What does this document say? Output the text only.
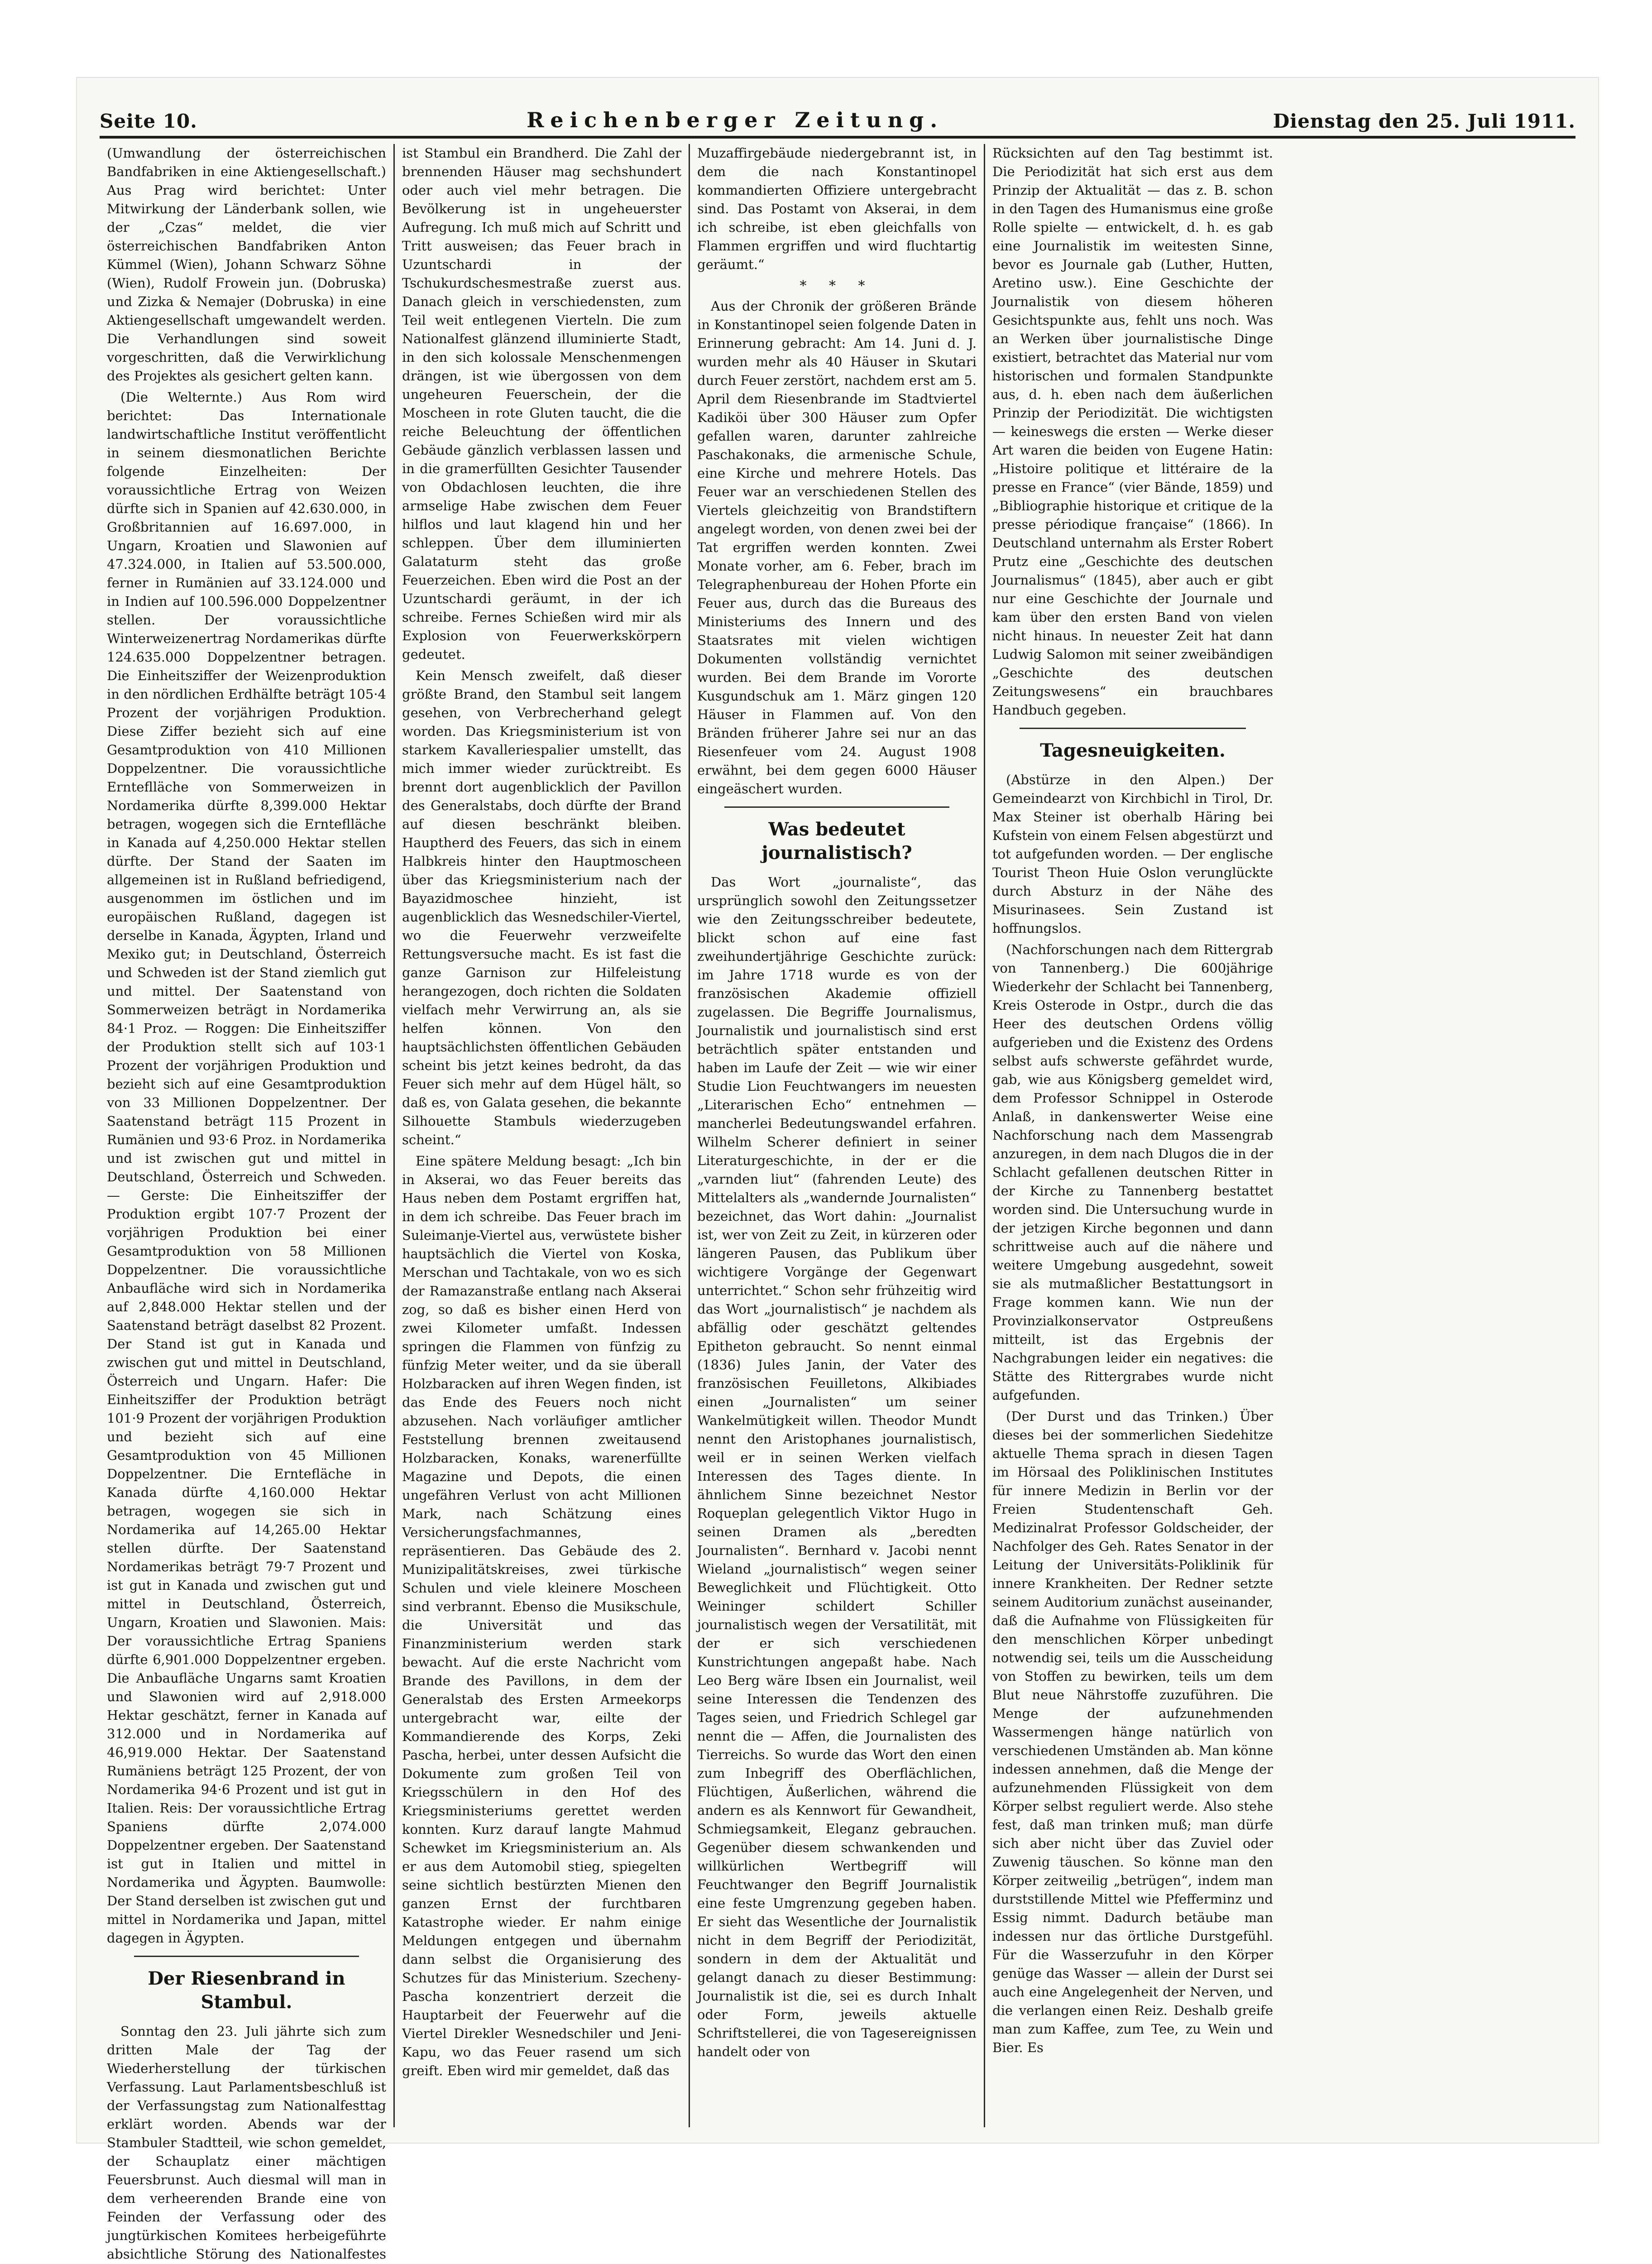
Seite 10.	Reichenberger Zeitung.	Dienstag den 25. Juli 1911.

(Umwandlung der österreichischen Bandfabriken in eine Aktiengesellschaft.) Aus Prag wird berichtet: Unter Mitwirkung der Länderbank sollen, wie der „Czas“ meldet, die vier österreichischen Bandfabriken Anton Kümmel (Wien), Johann Schwarz Söhne (Wien), Rudolf Frowein jun. (Dobruska) und Zizka & Nemajer (Dobruska) in eine Aktiengesellschaft umgewandelt werden. Die Verhandlungen sind soweit vorgeschritten, daß die Verwirklichung des Projektes als gesichert gelten kann.

(Die Welternte.) Aus Rom wird berichtet: Das Internationale landwirtschaftliche Institut veröffentlicht in seinem diesmonatlichen Berichte folgende Einzelheiten: Der voraussichtliche Ertrag von Weizen dürfte sich in Spanien auf 42.630.000, in Großbritannien auf 16.697.000, in Ungarn, Kroatien und Slawonien auf 47.324.000, in Italien auf 53.500.000, ferner in Rumänien auf 33.124.000 und in Indien auf 100.596.000 Doppelzentner stellen. Der voraussichtliche Winterweizenertrag Nordamerikas dürfte 124.635.000 Doppelzentner betragen. Die Einheitsziffer der Weizenproduktion in den nördlichen Erdhälfte beträgt 105·4 Prozent der vorjährigen Produktion. Diese Ziffer bezieht sich auf eine Gesamtproduktion von 410 Millionen Doppelzentner. Die voraussichtliche Ernteflläche von Sommerweizen in Nordamerika dürfte 8,399.000 Hektar betragen, wogegen sich die Ernteflläche in Kanada auf 4,250.000 Hektar stellen dürfte. Der Stand der Saaten im allgemeinen ist in Rußland befriedigend, ausgenommen im östlichen und im europäischen Rußland, dagegen ist derselbe in Kanada, Ägypten, Irland und Mexiko gut; in Deutschland, Österreich und Schweden ist der Stand ziemlich gut und mittel. Der Saatenstand von Sommerweizen beträgt in Nordamerika 84·1 Proz. — Roggen: Die Einheitsziffer der Produktion stellt sich auf 103·1 Prozent der vorjährigen Produktion und bezieht sich auf eine Gesamtproduktion von 33 Millionen Doppelzentner. Der Saatenstand beträgt 115 Prozent in Rumänien und 93·6 Proz. in Nordamerika und ist zwischen gut und mittel in Deutschland, Österreich und Schweden. — Gerste: Die Einheitsziffer der Produktion ergibt 107·7 Prozent der vorjährigen Produktion bei einer Gesamtproduktion von 58 Millionen Doppelzentner. Die voraussichtliche Anbaufläche wird sich in Nordamerika auf 2,848.000 Hektar stellen und der Saatenstand beträgt daselbst 82 Prozent. Der Stand ist gut in Kanada und zwischen gut und mittel in Deutschland, Österreich und Ungarn. Hafer: Die Einheitsziffer der Produktion beträgt 101·9 Prozent der vorjährigen Produktion und bezieht sich auf eine Gesamtproduktion von 45 Millionen Doppelzentner. Die Erntefläche in Kanada dürfte 4,160.000 Hektar betragen, wogegen sie sich in Nordamerika auf 14,265.00 Hektar stellen dürfte. Der Saatenstand Nordamerikas beträgt 79·7 Prozent und ist gut in Kanada und zwischen gut und mittel in Deutschland, Österreich, Ungarn, Kroatien und Slawonien. Mais: Der voraussichtliche Ertrag Spaniens dürfte 6,901.000 Doppelzentner ergeben. Die Anbaufläche Ungarns samt Kroatien und Slawonien wird auf 2,918.000 Hektar geschätzt, ferner in Kanada auf 312.000 und in Nordamerika auf 46,919.000 Hektar. Der Saatenstand Rumäniens beträgt 125 Prozent, der von Nordamerika 94·6 Prozent und ist gut in Italien. Reis: Der voraussichtliche Ertrag Spaniens dürfte 2,074.000 Doppelzentner ergeben. Der Saatenstand ist gut in Italien und mittel in Nordamerika und Ägypten. Baumwolle: Der Stand derselben ist zwischen gut und mittel in Nordamerika und Japan, mittel dagegen in Ägypten.

Der Riesenbrand in Stambul.

Sonntag den 23. Juli jährte sich zum dritten Male der Tag der Wiederherstellung der türkischen Verfassung. Laut Parlamentsbeschluß ist der Verfassungstag zum Nationalfesttag erklärt worden. Abends war der Stambuler Stadtteil, wie schon gemeldet, der Schauplatz einer mächtigen Feuersbrunst. Auch diesmal will man in dem verheerenden Brande eine von Feinden der Verfassung oder des jungtürkischen Komitees herbeigeführte absichtliche Störung des Nationalfestes

ist Stambul ein Brandherd. Die Zahl der brennenden Häuser mag sechshundert oder auch viel mehr betragen. Die Bevölkerung ist in ungeheuerster Aufregung. Ich muß mich auf Schritt und Tritt ausweisen; das Feuer brach in Uzuntschardi in der Tschukurdschesmestraße zuerst aus. Danach gleich in verschiedensten, zum Teil weit entlegenen Vierteln. Die zum Nationalfest glänzend illuminierte Stadt, in den sich kolossale Menschenmengen drängen, ist wie übergossen von dem ungeheuren Feuerschein, der die Moscheen in rote Gluten taucht, die die reiche Beleuchtung der öffentlichen Gebäude gänzlich verblassen lassen und in die gramerfüllten Gesichter Tausender von Obdachlosen leuchten, die ihre armselige Habe zwischen dem Feuer hilflos und laut klagend hin und her schleppen. Über dem illuminierten Galataturm steht das große Feuerzeichen. Eben wird die Post an der Uzuntschardi geräumt, in der ich schreibe. Fernes Schießen wird mir als Explosion von Feuerwerkskörpern gedeutet.

Kein Mensch zweifelt, daß dieser größte Brand, den Stambul seit langem gesehen, von Verbrecherhand gelegt worden. Das Kriegsministerium ist von starkem Kavalleriespalier umstellt, das mich immer wieder zurücktreibt. Es brennt dort augenblicklich der Pavillon des Generalstabs, doch dürfte der Brand auf diesen beschränkt bleiben. Hauptherd des Feuers, das sich in einem Halbkreis hinter den Hauptmoscheen über das Kriegsministerium nach der Bayazidmoschee hinzieht, ist augenblicklich das Wesnedschiler-Viertel, wo die Feuerwehr verzweifelte Rettungsversuche macht. Es ist fast die ganze Garnison zur Hilfeleistung herangezogen, doch richten die Soldaten vielfach mehr Verwirrung an, als sie helfen können. Von den hauptsächlichsten öffentlichen Gebäuden scheint bis jetzt keines bedroht, da das Feuer sich mehr auf dem Hügel hält, so daß es, von Galata gesehen, die bekannte Silhouette Stambuls wiederzugeben scheint.“

Eine spätere Meldung besagt: „Ich bin in Akserai, wo das Feuer bereits das Haus neben dem Postamt ergriffen hat, in dem ich schreibe. Das Feuer brach im Suleimanje-Viertel aus, verwüstete bisher hauptsächlich die Viertel von Koska, Merschan und Tachtakale, von wo es sich der Ramazanstraße entlang nach Akserai zog, so daß es bisher einen Herd von zwei Kilometer umfaßt. Indessen springen die Flammen von fünfzig zu fünfzig Meter weiter, und da sie überall Holzbaracken auf ihren Wegen finden, ist das Ende des Feuers noch nicht abzusehen. Nach vorläufiger amtlicher Feststellung brennen zweitausend Holzbaracken, Konaks, warenerfüllte Magazine und Depots, die einen ungefähren Verlust von acht Millionen Mark, nach Schätzung eines Versicherungsfachmannes, repräsentieren. Das Gebäude des 2. Munizipalitätskreises, zwei türkische Schulen und viele kleinere Moscheen sind verbrannt. Ebenso die Musikschule, die Universität und das Finanzministerium werden stark bewacht. Auf die erste Nachricht vom Brande des Pavillons, in dem der Generalstab des Ersten Armeekorps untergebracht war, eilte der Kommandierende des Korps, Zeki Pascha, herbei, unter dessen Aufsicht die Dokumente zum großen Teil von Kriegsschülern in den Hof des Kriegsministeriums gerettet werden konnten. Kurz darauf langte Mahmud Schewket im Kriegsministerium an. Als er aus dem Automobil stieg, spiegelten seine sichtlich bestürzten Mienen den ganzen Ernst der furchtbaren Katastrophe wieder. Er nahm einige Meldungen entgegen und übernahm dann selbst die Organisierung des Schutzes für das Ministerium. Szecheny-Pascha konzentriert derzeit die Hauptarbeit der Feuerwehr auf die Viertel Direkler Wesnedschiler und Jeni-Kapu, wo das Feuer rasend um sich greift. Eben wird mir gemeldet, daß das

Muzaffirgebäude niedergebrannt ist, in dem die nach Konstantinopel kommandierten Offiziere untergebracht sind. Das Postamt von Akserai, in dem ich schreibe, ist eben gleichfalls von Flammen ergriffen und wird fluchtartig geräumt.“

* * *

Aus der Chronik der größeren Brände in Konstantinopel seien folgende Daten in Erinnerung gebracht: Am 14. Juni d. J. wurden mehr als 40 Häuser in Skutari durch Feuer zerstört, nachdem erst am 5. April dem Riesenbrande im Stadtviertel Kadiköi über 300 Häuser zum Opfer gefallen waren, darunter zahlreiche Paschakonaks, die armenische Schule, eine Kirche und mehrere Hotels. Das Feuer war an verschiedenen Stellen des Viertels gleichzeitig von Brandstiftern angelegt worden, von denen zwei bei der Tat ergriffen werden konnten. Zwei Monate vorher, am 6. Feber, brach im Telegraphenbureau der Hohen Pforte ein Feuer aus, durch das die Bureaus des Ministeriums des Innern und des Staatsrates mit vielen wichtigen Dokumenten vollständig vernichtet wurden. Bei dem Brande im Vororte Kusgundschuk am 1. März gingen 120 Häuser in Flammen auf. Von den Bränden früherer Jahre sei nur an das Riesenfeuer vom 24. August 1908 erwähnt, bei dem gegen 6000 Häuser eingeäschert wurden.

Was bedeutet journalistisch?

Das Wort „journaliste“, das ursprünglich sowohl den Zeitungssetzer wie den Zeitungsschreiber bedeutete, blickt schon auf eine fast zweihundertjährige Geschichte zurück: im Jahre 1718 wurde es von der französischen Akademie offiziell zugelassen. Die Begriffe Journalismus, Journalistik und journalistisch sind erst beträchtlich später entstanden und haben im Laufe der Zeit — wie wir einer Studie Lion Feuchtwangers im neuesten „Literarischen Echo“ entnehmen — mancherlei Bedeutungswandel erfahren. Wilhelm Scherer definiert in seiner Literaturgeschichte, in der er die „varnden liut“ (fahrenden Leute) des Mittelalters als „wandernde Journalisten“ bezeichnet, das Wort dahin: „Journalist ist, wer von Zeit zu Zeit, in kürzeren oder längeren Pausen, das Publikum über wichtigere Vorgänge der Gegenwart unterrichtet.“ Schon sehr frühzeitig wird das Wort „journalistisch“ je nachdem als abfällig oder geschätzt geltendes Epitheton gebraucht. So nennt einmal (1836) Jules Janin, der Vater des französischen Feuilletons, Alkibiades einen „Journalisten“ um seiner Wankelmütigkeit willen. Theodor Mundt nennt den Aristophanes journalistisch, weil er in seinen Werken vielfach Interessen des Tages diente. In ähnlichem Sinne bezeichnet Nestor Roqueplan gelegentlich Viktor Hugo in seinen Dramen als „beredten Journalisten“. Bernhard v. Jacobi nennt Wieland „journalistisch“ wegen seiner Beweglichkeit und Flüchtigkeit. Otto Weininger schildert Schiller journalistisch wegen der Versatilität, mit der er sich verschiedenen Kunstrichtungen angepaßt habe. Nach Leo Berg wäre Ibsen ein Journalist, weil seine Interessen die Tendenzen des Tages seien, und Friedrich Schlegel gar nennt die — Affen, die Journalisten des Tierreichs. So wurde das Wort den einen zum Inbegriff des Oberflächlichen, Flüchtigen, Äußerlichen, während die andern es als Kennwort für Gewandheit, Schmiegsamkeit, Eleganz gebrauchen. Gegenüber diesem schwankenden und willkürlichen Wertbegriff will Feuchtwanger den Begriff Journalistik eine feste Umgrenzung gegeben haben. Er sieht das Wesentliche der Journalistik nicht in dem Begriff der Periodizität, sondern in dem der Aktualität und gelangt danach zu dieser Bestimmung: Journalistik ist die, sei es durch Inhalt oder Form, jeweils aktuelle Schriftstellerei, die von Tagesereignissen handelt oder von

Rücksichten auf den Tag bestimmt ist. Die Periodizität hat sich erst aus dem Prinzip der Aktualität — das z. B. schon in den Tagen des Humanismus eine große Rolle spielte — entwickelt, d. h. es gab eine Journalistik im weitesten Sinne, bevor es Journale gab (Luther, Hutten, Aretino usw.). Eine Geschichte der Journalistik von diesem höheren Gesichtspunkte aus, fehlt uns noch. Was an Werken über journalistische Dinge existiert, betrachtet das Material nur vom historischen und formalen Standpunkte aus, d. h. eben nach dem äußerlichen Prinzip der Periodizität. Die wichtigsten — keineswegs die ersten — Werke dieser Art waren die beiden von Eugene Hatin: „Histoire politique et littéraire de la presse en France“ (vier Bände, 1859) und „Bibliographie historique et critique de la presse périodique française“ (1866). In Deutschland unternahm als Erster Robert Prutz eine „Geschichte des deutschen Journalismus“ (1845), aber auch er gibt nur eine Geschichte der Journale und kam über den ersten Band von vielen nicht hinaus. In neuester Zeit hat dann Ludwig Salomon mit seiner zweibändigen „Geschichte des deutschen Zeitungswesens“ ein brauchbares Handbuch gegeben.

Tagesneuigkeiten.

(Abstürze in den Alpen.) Der Gemeindearzt von Kirchbichl in Tirol, Dr. Max Steiner ist oberhalb Häring bei Kufstein von einem Felsen abgestürzt und tot aufgefunden worden. — Der englische Tourist Theon Huie Oslon verunglückte durch Absturz in der Nähe des Misurinasees. Sein Zustand ist hoffnungslos.

(Nachforschungen nach dem Rittergrab von Tannenberg.) Die 600jährige Wiederkehr der Schlacht bei Tannenberg, Kreis Osterode in Ostpr., durch die das Heer des deutschen Ordens völlig aufgerieben und die Existenz des Ordens selbst aufs schwerste gefährdet wurde, gab, wie aus Königsberg gemeldet wird, dem Professor Schnippel in Osterode Anlaß, in dankenswerter Weise eine Nachforschung nach dem Massengrab anzuregen, in dem nach Dlugos die in der Schlacht gefallenen deutschen Ritter in der Kirche zu Tannenberg bestattet worden sind. Die Untersuchung wurde in der jetzigen Kirche begonnen und dann schrittweise auch auf die nähere und weitere Umgebung ausgedehnt, soweit sie als mutmaßlicher Bestattungsort in Frage kommen kann. Wie nun der Provinzialkonservator Ostpreußens mitteilt, ist das Ergebnis der Nachgrabungen leider ein negatives: die Stätte des Rittergrabes wurde nicht aufgefunden.

(Der Durst und das Trinken.) Über dieses bei der sommerlichen Siedehitze aktuelle Thema sprach in diesen Tagen im Hörsaal des Poliklinischen Institutes für innere Medizin in Berlin vor der Freien Studentenschaft Geh. Medizinalrat Professor Goldscheider, der Nachfolger des Geh. Rates Senator in der Leitung der Universitäts-Poliklinik für innere Krankheiten. Der Redner setzte seinem Auditorium zunächst auseinander, daß die Aufnahme von Flüssigkeiten für den menschlichen Körper unbedingt notwendig sei, teils um die Ausscheidung von Stoffen zu bewirken, teils um dem Blut neue Nährstoffe zuzuführen. Die Menge der aufzunehmenden Wassermengen hänge natürlich von verschiedenen Umständen ab. Man könne indessen annehmen, daß die Menge der aufzunehmenden Flüssigkeit von dem Körper selbst reguliert werde. Also stehe fest, daß man trinken muß; man dürfe sich aber nicht über das Zuviel oder Zuwenig täuschen. So könne man den Körper zeitweilig „betrügen“, indem man durststillende Mittel wie Pfefferminz und Essig nimmt. Dadurch betäube man indessen nur das örtliche Durstgefühl. Für die Wasserzufuhr in den Körper genüge das Wasser — allein der Durst sei auch eine Angelegenheit der Nerven, und die verlangen einen Reiz. Deshalb greife man zum Kaffee, zum Tee, zu Wein und Bier. Es
